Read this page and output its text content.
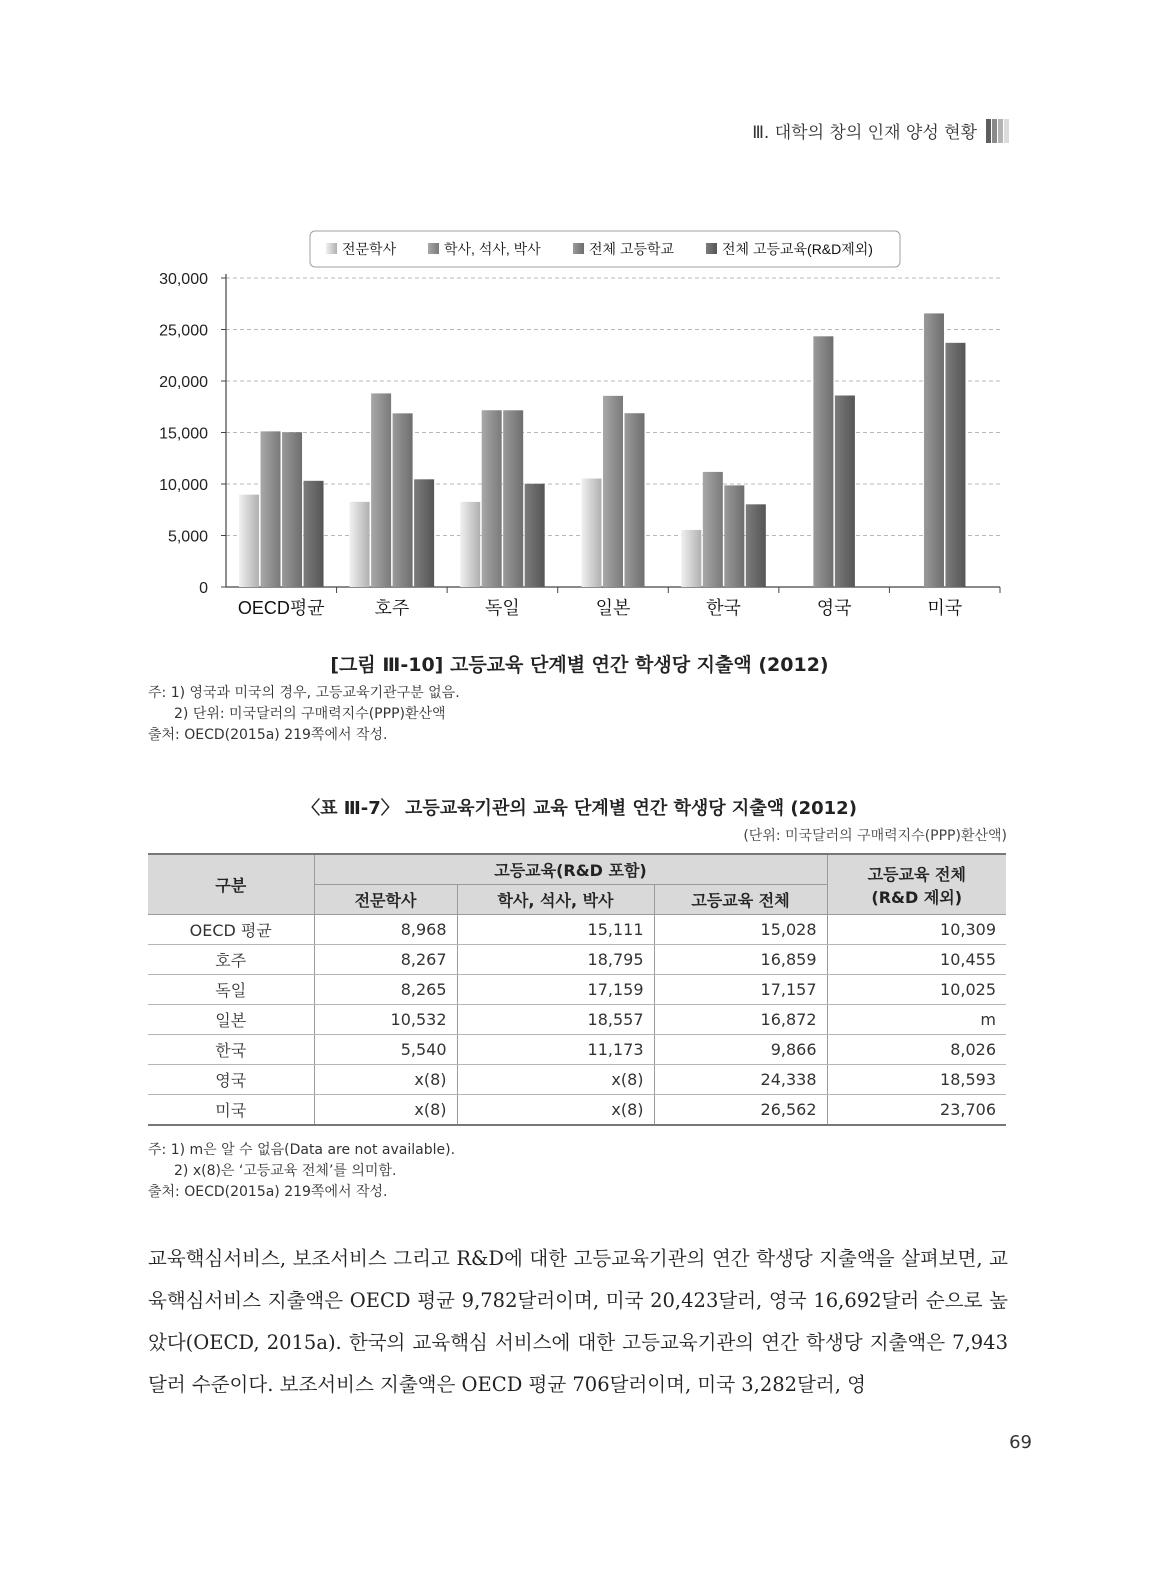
Ⅲ. 대학의 창의 인재 양성 현황
0
5,000
10,000
15,000
20,000
25,000
30,000
OECD평균	호주	독일	일본	한국	영국	미국
전문학사	학사, 석사, 박사	전체 고등학교	전체 고등교육(R&D제외)
[그림 Ⅲ-10] 고등교육 단계별 연간 학생당 지출액 (2012)
주: 1) 영국과 미국의 경우, 고등교육기관구분 없음.
2) 단위: 미국달러의 구매력지수(PPP)환산액
출처: OECD(2015a) 219쪽에서 작성.
〈표 Ⅲ-7〉 고등교육기관의 교육 단계별 연간 학생당 지출액 (2012)
(단위: 미국달러의 구매력지수(PPP)환산액)
구분	고등교육(R&D 포함)			고등교육 전체
(R&D 제외)

	전문학사	학사, 석사, 박사	고등교육 전체	
OECD 평균	8,968	15,111	15,028	10,309
호주	8,267	18,795	16,859	10,455
독일	8,265	17,159	17,157	10,025
일본	10,532	18,557	16,872	m
한국	5,540	11,173	9,866	8,026
영국	x(8)	x(8)	24,338	18,593
미국	x(8)	x(8)	26,562	23,706
주: 1) m은 알 수 없음(Data are not available).
2) x(8)은 ‘고등교육 전체’를 의미함.
출처: OECD(2015a) 219쪽에서 작성.
교육핵심서비스, 보조서비스 그리고 R&D에 대한 고등교육기관의 연간 학생당 지출액을 살펴보면, 교육핵심서비스 지출액은 OECD 평균 9,782달러이며, 미국 20,423달러, 영국 16,692달러 순으로 높았다(OECD, 2015a). 한국의 교육핵심 서비스에 대한 고등교육기관의 연간 학생당 지출액은 7,943달러 수준이다. 보조서비스 지출액은 OECD 평균 706달러이며, 미국 3,282달러, 영
69
